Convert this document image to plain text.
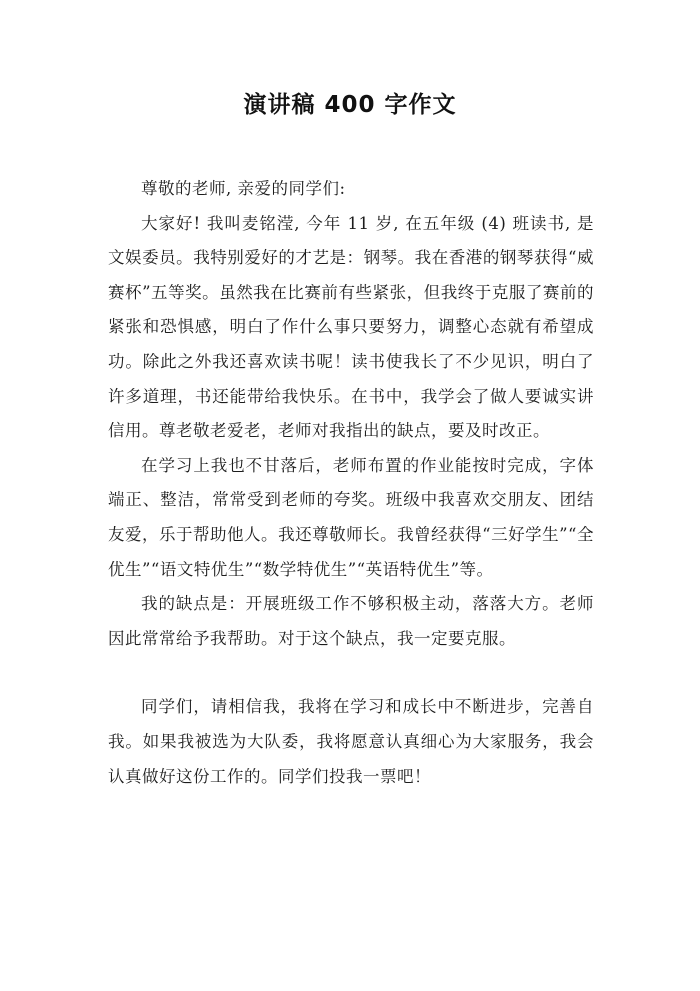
演讲稿 400 字作文

尊敬的老师, 亲爱的同学们:

大家好! 我叫麦铭滢, 今年 11 岁, 在五年级 (4) 班读书, 是文娱委员。我特别爱好的才艺是：钢琴。我在香港的钢琴获得“威赛杯”五等奖。虽然我在比赛前有些紧张，但我终于克服了赛前的紧张和恐惧感，明白了作什么事只要努力，调整心态就有希望成功。除此之外我还喜欢读书呢！读书使我长了不少见识，明白了许多道理，书还能带给我快乐。在书中，我学会了做人要诚实讲信用。尊老敬老爱老，老师对我指出的缺点，要及时改正。

在学习上我也不甘落后，老师布置的作业能按时完成，字体端正、整洁，常常受到老师的夸奖。班级中我喜欢交朋友、团结友爱，乐于帮助他人。我还尊敬师长。我曾经获得“三好学生”“全优生”“语文特优生”“数学特优生”“英语特优生”等。

我的缺点是：开展班级工作不够积极主动，落落大方。老师因此常常给予我帮助。对于这个缺点，我一定要克服。

同学们，请相信我，我将在学习和成长中不断进步，完善自我。如果我被选为大队委，我将愿意认真细心为大家服务，我会认真做好这份工作的。同学们投我一票吧！
